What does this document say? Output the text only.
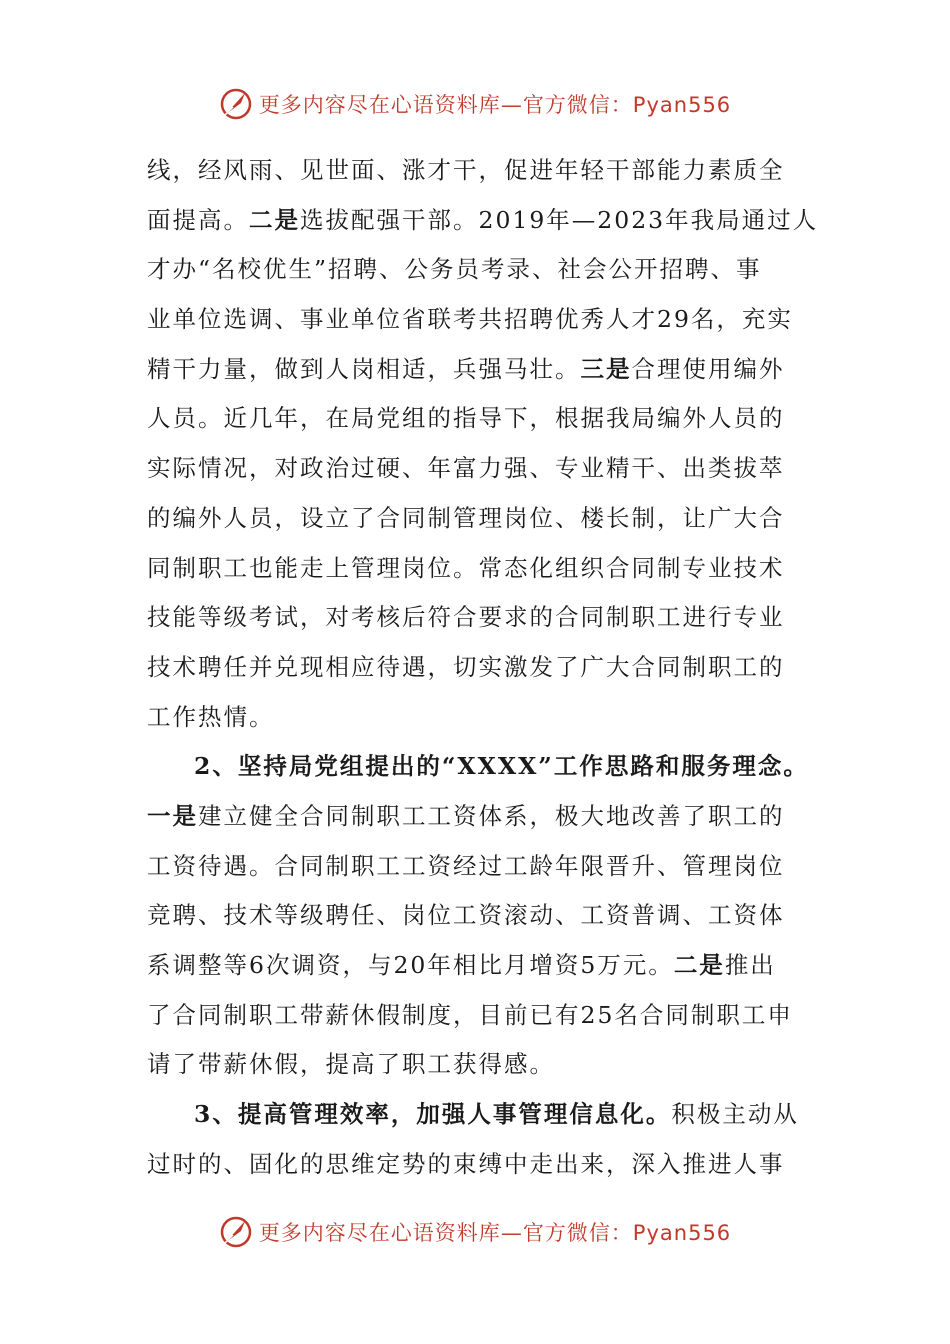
更多内容尽在心语资料库—官方微信：Pyan556
线，经风雨、见世面、涨才干，促进年轻干部能力素质全
面提高。二是选拔配强干部。2019年—2023年我局通过人
才办“名校优生”招聘、公务员考录、社会公开招聘、事
业单位选调、事业单位省联考共招聘优秀人才29名，充实
精干力量，做到人岗相适，兵强马壮。三是合理使用编外
人员。近几年，在局党组的指导下，根据我局编外人员的
实际情况，对政治过硬、年富力强、专业精干、出类拔萃
的编外人员，设立了合同制管理岗位、楼长制，让广大合
同制职工也能走上管理岗位。常态化组织合同制专业技术
技能等级考试，对考核后符合要求的合同制职工进行专业
技术聘任并兑现相应待遇，切实激发了广大合同制职工的
工作热情。
2、坚持局党组提出的“XXXX”工作思路和服务理念。
一是建立健全合同制职工工资体系，极大地改善了职工的
工资待遇。合同制职工工资经过工龄年限晋升、管理岗位
竞聘、技术等级聘任、岗位工资滚动、工资普调、工资体
系调整等6次调资，与20年相比月增资5万元。二是推出
了合同制职工带薪休假制度，目前已有25名合同制职工申
请了带薪休假，提高了职工获得感。
3、提高管理效率，加强人事管理信息化。积极主动从
过时的、固化的思维定势的束缚中走出来，深入推进人事
更多内容尽在心语资料库—官方微信：Pyan556
